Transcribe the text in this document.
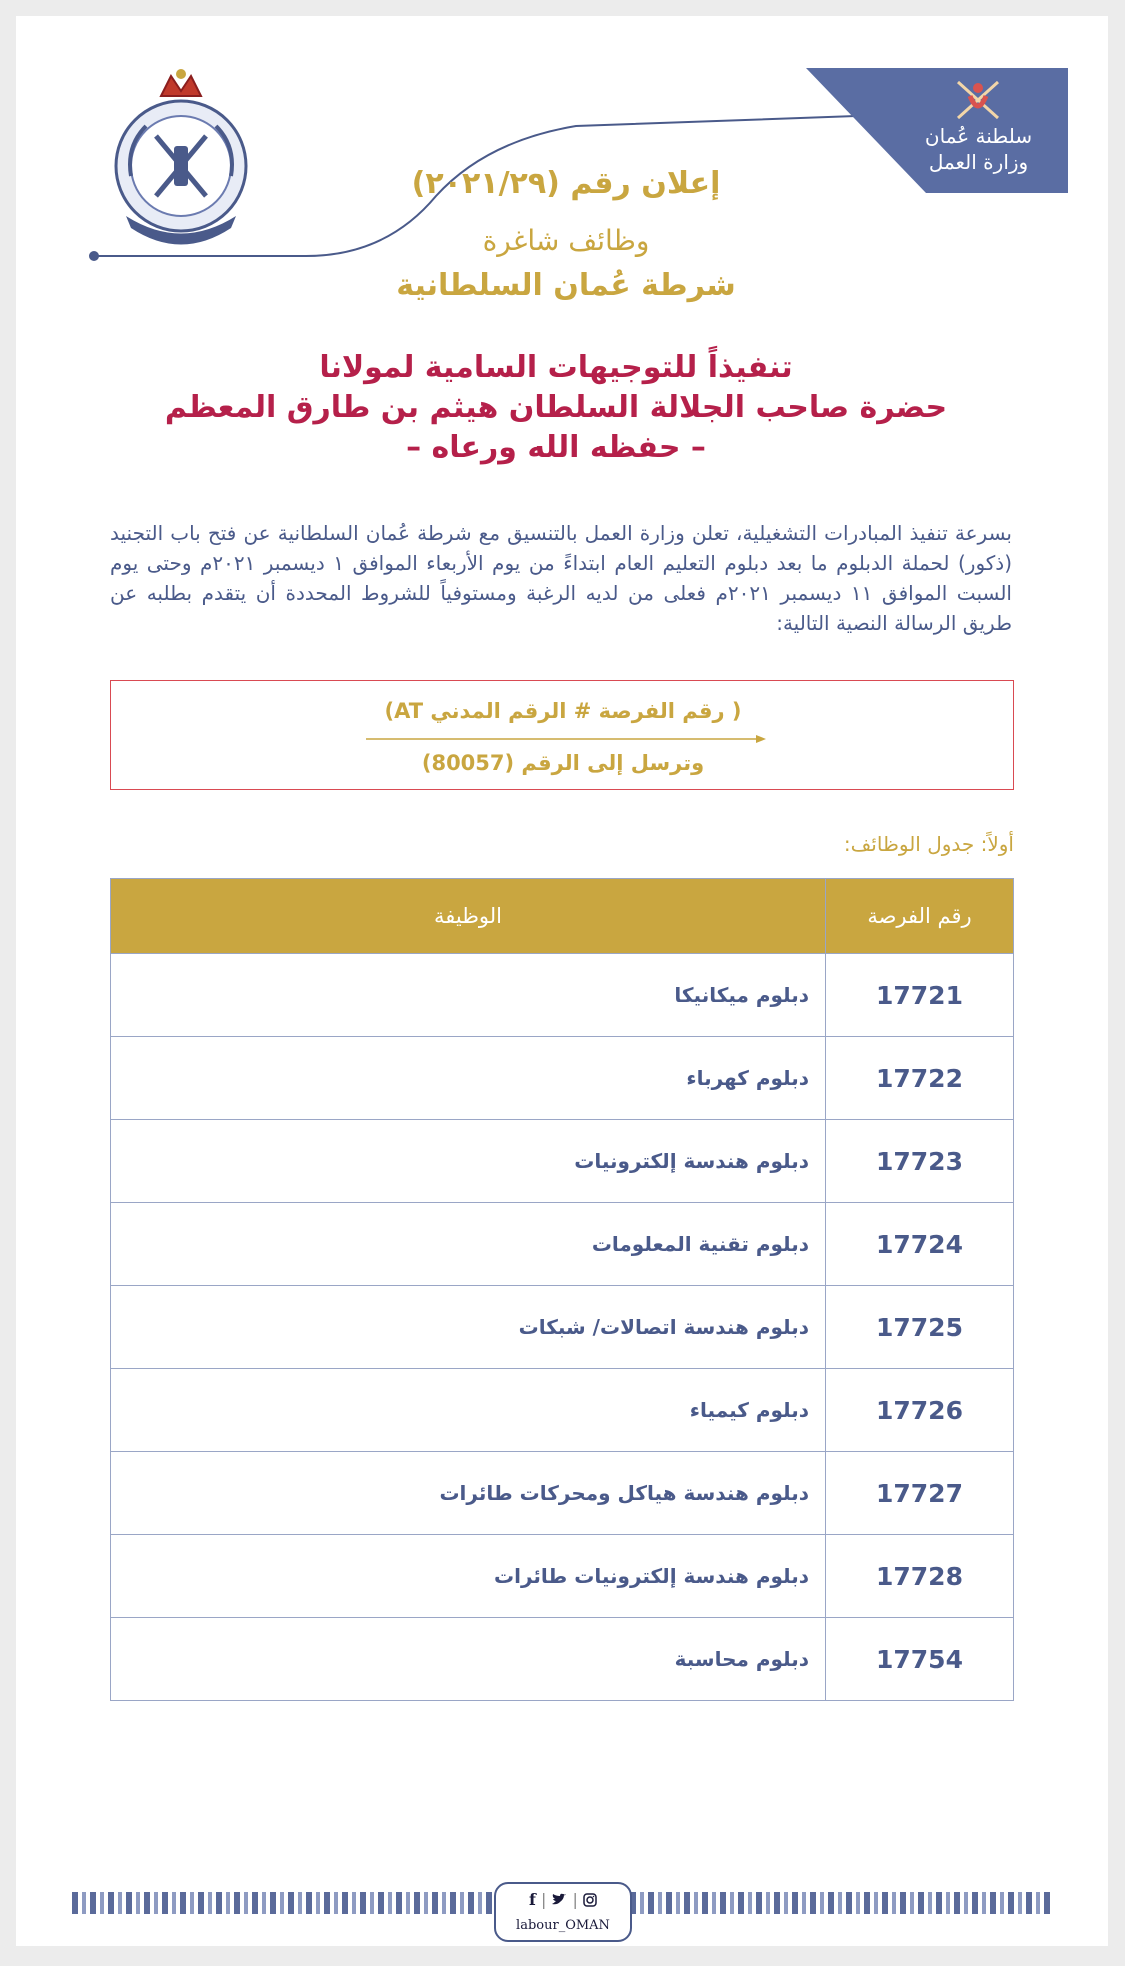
سلطنة عُمان
وزارة العمل
إعلان رقم (٢٠٢١/٢٩)
وظائف شاغرة
شرطة عُمان السلطانية
تنفيذاً للتوجيهات السامية لمولانا
حضرة صاحب الجلالة السلطان هيثم بن طارق المعظم
– حفظه الله ورعاه –
بسرعة تنفيذ المبادرات التشغيلية، تعلن وزارة العمل بالتنسيق مع شرطة عُمان السلطانية عن فتح باب التجنيد (ذكور) لحملة الدبلوم ما بعد دبلوم التعليم العام ابتداءً من يوم الأربعاء الموافق ١ ديسمبر ٢٠٢١م وحتى يوم السبت الموافق ١١ ديسمبر ٢٠٢١م فعلى من لديه الرغبة ومستوفياً للشروط المحددة أن يتقدم بطلبه عن طريق الرسالة النصية التالية:
( رقم الفرصة # الرقم المدني AT)
وترسل إلى الرقم (80057)
أولاً: جدول الوظائف:
رقم الفرصة	الوظيفة
17721	دبلوم ميكانيكا
17722	دبلوم كهرباء
17723	دبلوم هندسة إلكترونيات
17724	دبلوم تقنية المعلومات
17725	دبلوم هندسة اتصالات/ شبكات
17726	دبلوم كيمياء
17727	دبلوم هندسة هياكل ومحركات طائرات
17728	دبلوم هندسة إلكترونيات طائرات
17754	دبلوم محاسبة
f | |
labour_OMAN
